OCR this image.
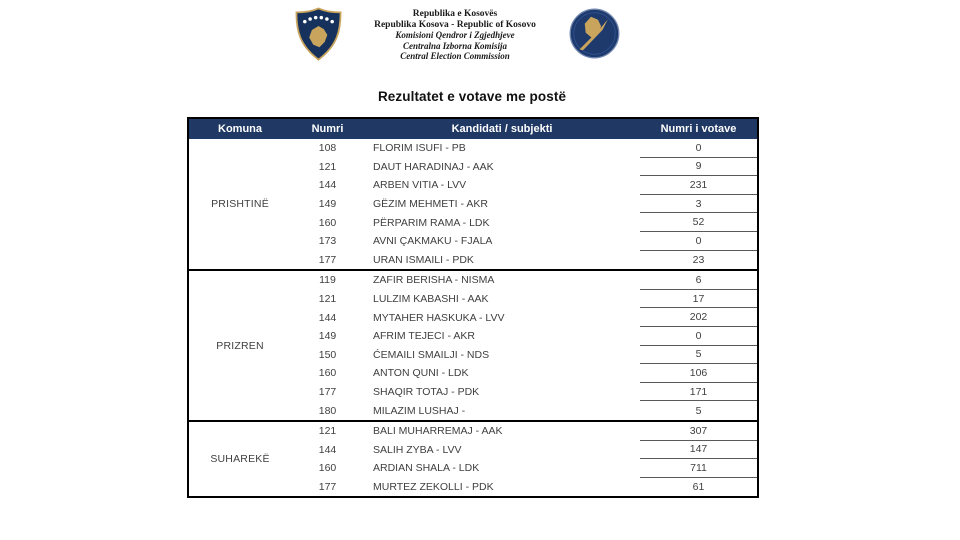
Republika e Kosovës
Republika Kosova - Republic of Kosovo
Komisioni Qendror i Zgjedhjeve
Centralna Izborna Komisija
Central Election Commission
Rezultatet e votave me postë
Komuna	Numri	Kandidati / subjekti	Numri i votave
PRISHTINË
108	FLORIM ISUFI - PB	0
121	DAUT HARADINAJ - AAK	9
144	ARBEN VITIA - LVV	231
149	GËZIM MEHMETI - AKR	3
160	PËRPARIM RAMA - LDK	52
173	AVNI ÇAKMAKU - FJALA	0
177	URAN ISMAILI - PDK	23
PRIZREN
119	ZAFIR BERISHA - NISMA	6
121	LULZIM KABASHI - AAK	17
144	MYTAHER HASKUKA - LVV	202
149	AFRIM TEJECI - AKR	0
150	ĆEMAILI SMAILJI - NDS	5
160	ANTON QUNI - LDK	106
177	SHAQIR TOTAJ - PDK	171
180	MILAZIM LUSHAJ -	5
SUHAREKË
121	BALI MUHARREMAJ - AAK	307
144	SALIH ZYBA - LVV	147
160	ARDIAN SHALA - LDK	711
177	MURTEZ ZEKOLLI - PDK	61
